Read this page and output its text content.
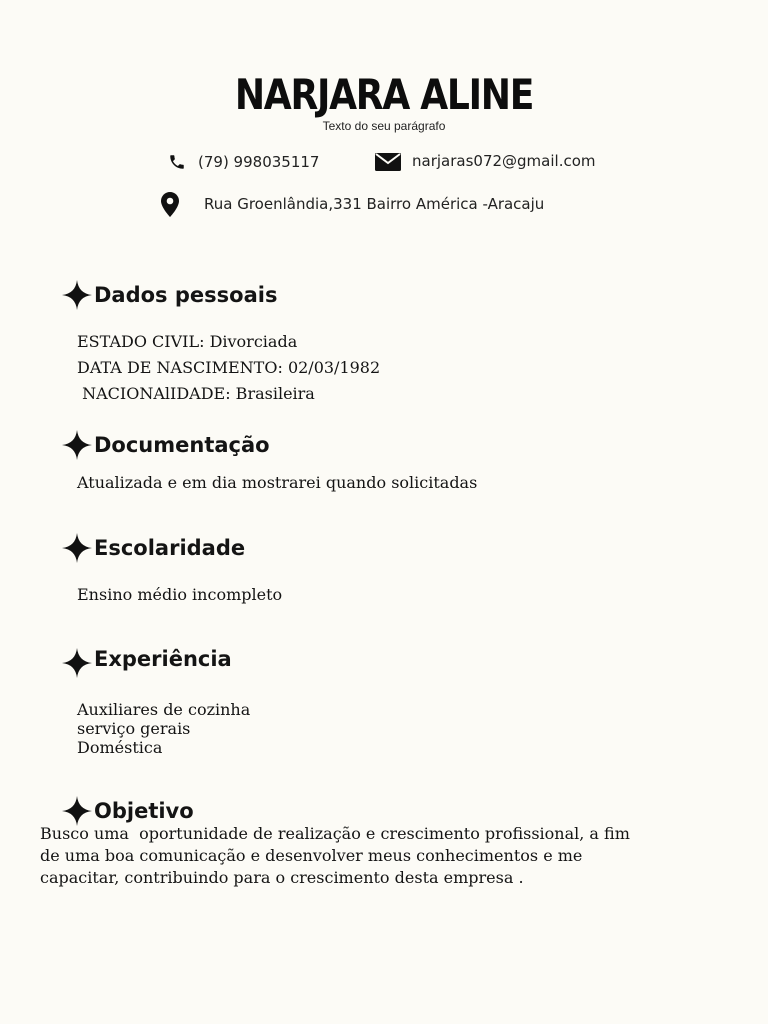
NARJARA ALINE
Texto do seu parágrafo
(79) 998035117	narjaras072@gmail.com
Rua Groenlândia,331 Bairro América -Aracaju
Dados pessoais
ESTADO CIVIL: Divorciada
DATA DE NASCIMENTO: 02/03/1982
NACIONAlIDADE: Brasileira
Documentação
Atualizada e em dia mostrarei quando solicitadas
Escolaridade
Ensino médio incompleto
Experiência
Auxiliares de cozinha
serviço gerais
Doméstica
Objetivo
Busco uma  oportunidade de realização e crescimento profissional, a fim
de uma boa comunicação e desenvolver meus conhecimentos e me
capacitar, contribuindo para o crescimento desta empresa .
